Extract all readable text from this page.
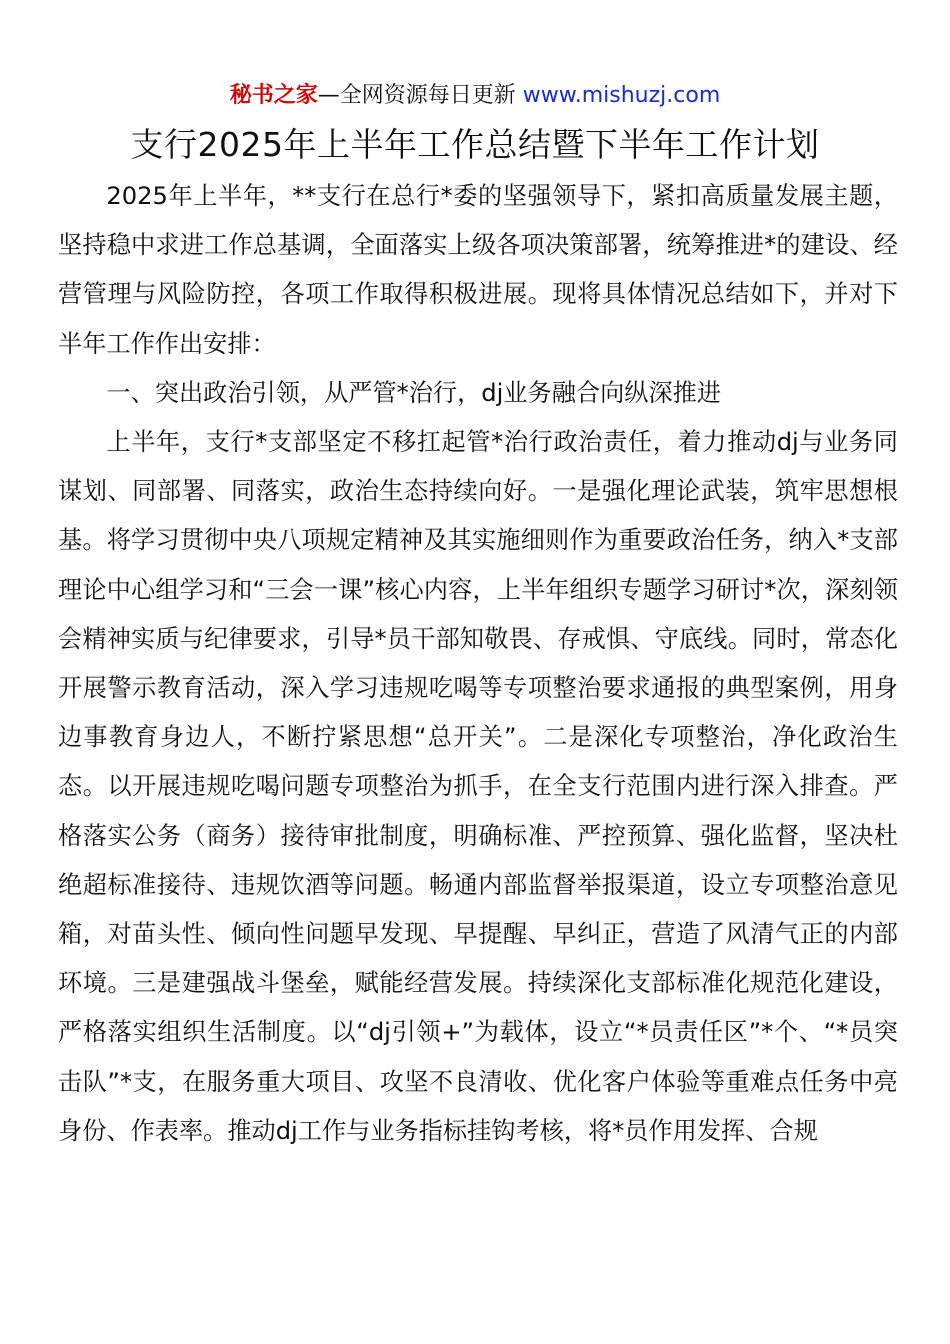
秘书之家—全网资源每日更新 www.mishuzj.com
支行2025年上半年工作总结暨下半年工作计划

2025年上半年，**支行在总行*委的坚强领导下，紧扣高质量发展主题，坚持稳中求进工作总基调，全面落实上级各项决策部署，统筹推进*的建设、经营管理与风险防控，各项工作取得积极进展。现将具体情况总结如下，并对下半年工作作出安排：

一、突出政治引领，从严管*治行，dj业务融合向纵深推进

上半年，支行*支部坚定不移扛起管*治行政治责任，着力推动dj与业务同谋划、同部署、同落实，政治生态持续向好。一是强化理论武装，筑牢思想根基。将学习贯彻中央八项规定精神及其实施细则作为重要政治任务，纳入*支部理论中心组学习和“三会一课”核心内容，上半年组织专题学习研讨*次，深刻领会精神实质与纪律要求，引导*员干部知敬畏、存戒惧、守底线。同时，常态化开展警示教育活动，深入学习违规吃喝等专项整治要求通报的典型案例，用身边事教育身边人，不断拧紧思想“总开关”。二是深化专项整治，净化政治生态。以开展违规吃喝问题专项整治为抓手，在全支行范围内进行深入排查。严格落实公务（商务）接待审批制度，明确标准、严控预算、强化监督，坚决杜绝超标准接待、违规饮酒等问题。畅通内部监督举报渠道，设立专项整治意见箱，对苗头性、倾向性问题早发现、早提醒、早纠正，营造了风清气正的内部环境。三是建强战斗堡垒，赋能经营发展。持续深化支部标准化规范化建设，严格落实组织生活制度。以“dj引领+”为载体，设立“*员责任区”*个、“*员突击队”*支，在服务重大项目、攻坚不良清收、优化客户体验等重难点任务中亮身份、作表率。推动dj工作与业务指标挂钩考核，将*员作用发挥、合规
